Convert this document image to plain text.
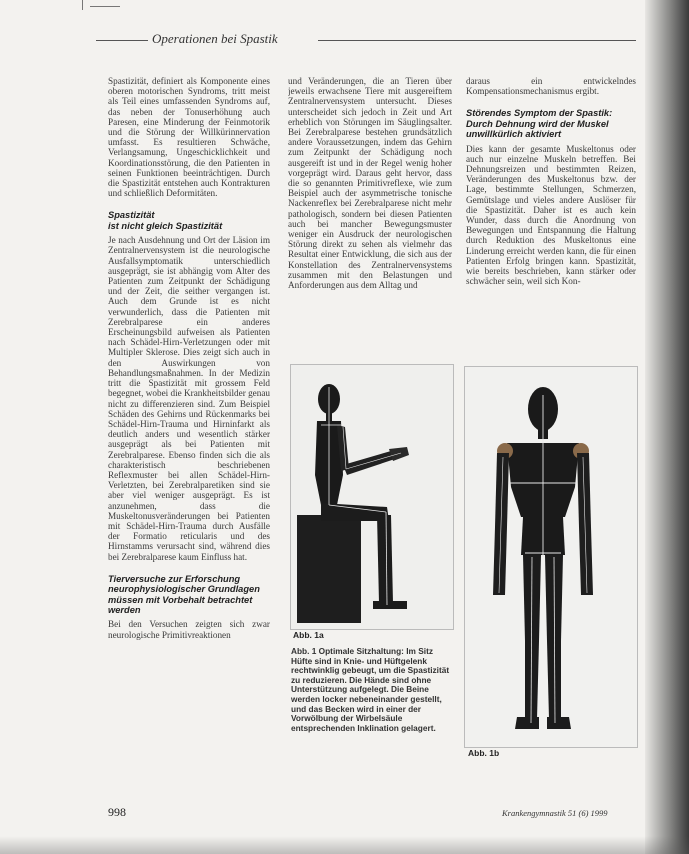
Operationen bei Spastik

Spastizität, definiert als Komponente eines oberen motorischen Syndroms, tritt meist als Teil eines umfassenden Syndroms auf, das neben der Tonuserhöhung auch Paresen, eine Minderung der Feinmotorik und die Störung der Willkürinnervation umfasst. Es resultieren Schwäche, Verlangsamung, Ungeschicklichkeit und Koordinationsstörung, die den Patienten in seinen Funktionen beeinträchtigen. Durch die Spastizität entstehen auch Kontrakturen und schließlich Deformitäten.

Spastizität
ist nicht gleich Spastizität

Je nach Ausdehnung und Ort der Läsion im Zentralnervensystem ist die neurologische Ausfallsymptomatik unterschiedlich ausgeprägt, sie ist abhängig vom Alter des Patienten zum Zeitpunkt der Schädigung und der Zeit, die seither vergangen ist. Auch dem Grunde ist es nicht verwunderlich, dass die Patienten mit Zerebralparese ein anderes Erscheinungsbild aufweisen als Patienten nach Schädel-Hirn-Verletzungen oder mit Multipler Sklerose. Dies zeigt sich auch in den Auswirkungen von Behandlungsmaßnahmen. In der Medizin tritt die Spastizität mit grossem Feld begegnet, wobei die Krankheitsbilder genau nicht zu differenzieren sind. Zum Beispiel Schäden des Gehirns und Rückenmarks bei Schädel-Hirn-Trauma und Hirninfarkt als deutlich anders und wesentlich stärker ausgeprägt als bei Patienten mit Zerebralparese. Ebenso finden sich die als charakteristisch beschriebenen Reflexmuster bei allen Schädel-Hirn-Verletzten, bei Zerebralparetiken sind sie aber viel weniger ausgeprägt. Es ist anzunehmen, dass die Muskeltonusveränderungen bei Patienten mit Schädel-Hirn-Trauma durch Ausfälle der Formatio reticularis und des Hirnstamms verursacht sind, während dies bei Zerebralparese kaum Einfluss hat.

Tierversuche zur Erforschung
neurophysiologischer Grundlagen
müssen mit Vorbehalt betrachtet
werden

Bei den Versuchen zeigten sich zwar neurologische Primitivreaktionen

und Veränderungen, die an Tieren über jeweils erwachsene Tiere mit ausgereiftem Zentralnervensystem untersucht. Dieses unterscheidet sich jedoch in Zeit und Art erheblich von Störungen im Säuglingsalter. Bei Zerebralparese bestehen grundsätzlich andere Voraussetzungen, indem das Gehirn zum Zeitpunkt der Schädigung noch ausgereift ist und in der Regel wenig hoher vorgeprägt wird. Daraus geht hervor, dass die so genannten Primitivreflexe, wie zum Beispiel auch der asymmetrische tonische Nackenreflex bei Zerebralparese nicht mehr pathologisch, sondern bei diesen Patienten auch bei mancher Bewegungsmuster weniger ein Ausdruck der neurologischen Störung direkt zu sehen als vielmehr das Resultat einer Entwicklung, die sich aus der Konstellation des Zentralnervensystems zusammen mit den Belastungen und Anforderungen aus dem Alltag und

daraus ein entwickelndes Kompensationsmechanismus ergibt.

Störendes Symptom der Spastik:
Durch Dehnung wird der Muskel
unwillkürlich aktiviert

Dies kann der gesamte Muskeltonus oder auch nur einzelne Muskeln betreffen. Bei Dehnungsreizen und bestimmten Reizen, Veränderungen des Muskeltonus bzw. der Lage, bestimmte Stellungen, Schmerzen, Gemütslage und vieles andere Auslöser für die Spastizität. Daher ist es auch kein Wunder, dass durch die Anordnung von Bewegungen und Entspannung die Haltung durch Reduktion des Muskeltonus eine Linderung erreicht werden kann, die für einen Patienten Erfolg bringen kann. Spastizität, wie bereits beschrieben, kann stärker oder schwächer sein, weil sich Kon-

Abb. 1a
Abb. 1 Optimale Sitzhaltung: Im Sitz Hüfte sind in Knie- und Hüftgelenk rechtwinklig gebeugt, um die Spastizität zu reduzieren. Die Hände sind ohne Unterstützung aufgelegt. Die Beine werden locker nebeneinander gestellt, und das Becken wird in einer der Vorwölbung der Wirbelsäule entsprechenden Inklination gelagert.
Abb. 1b
998	Krankengymnastik 51 (6) 1999
